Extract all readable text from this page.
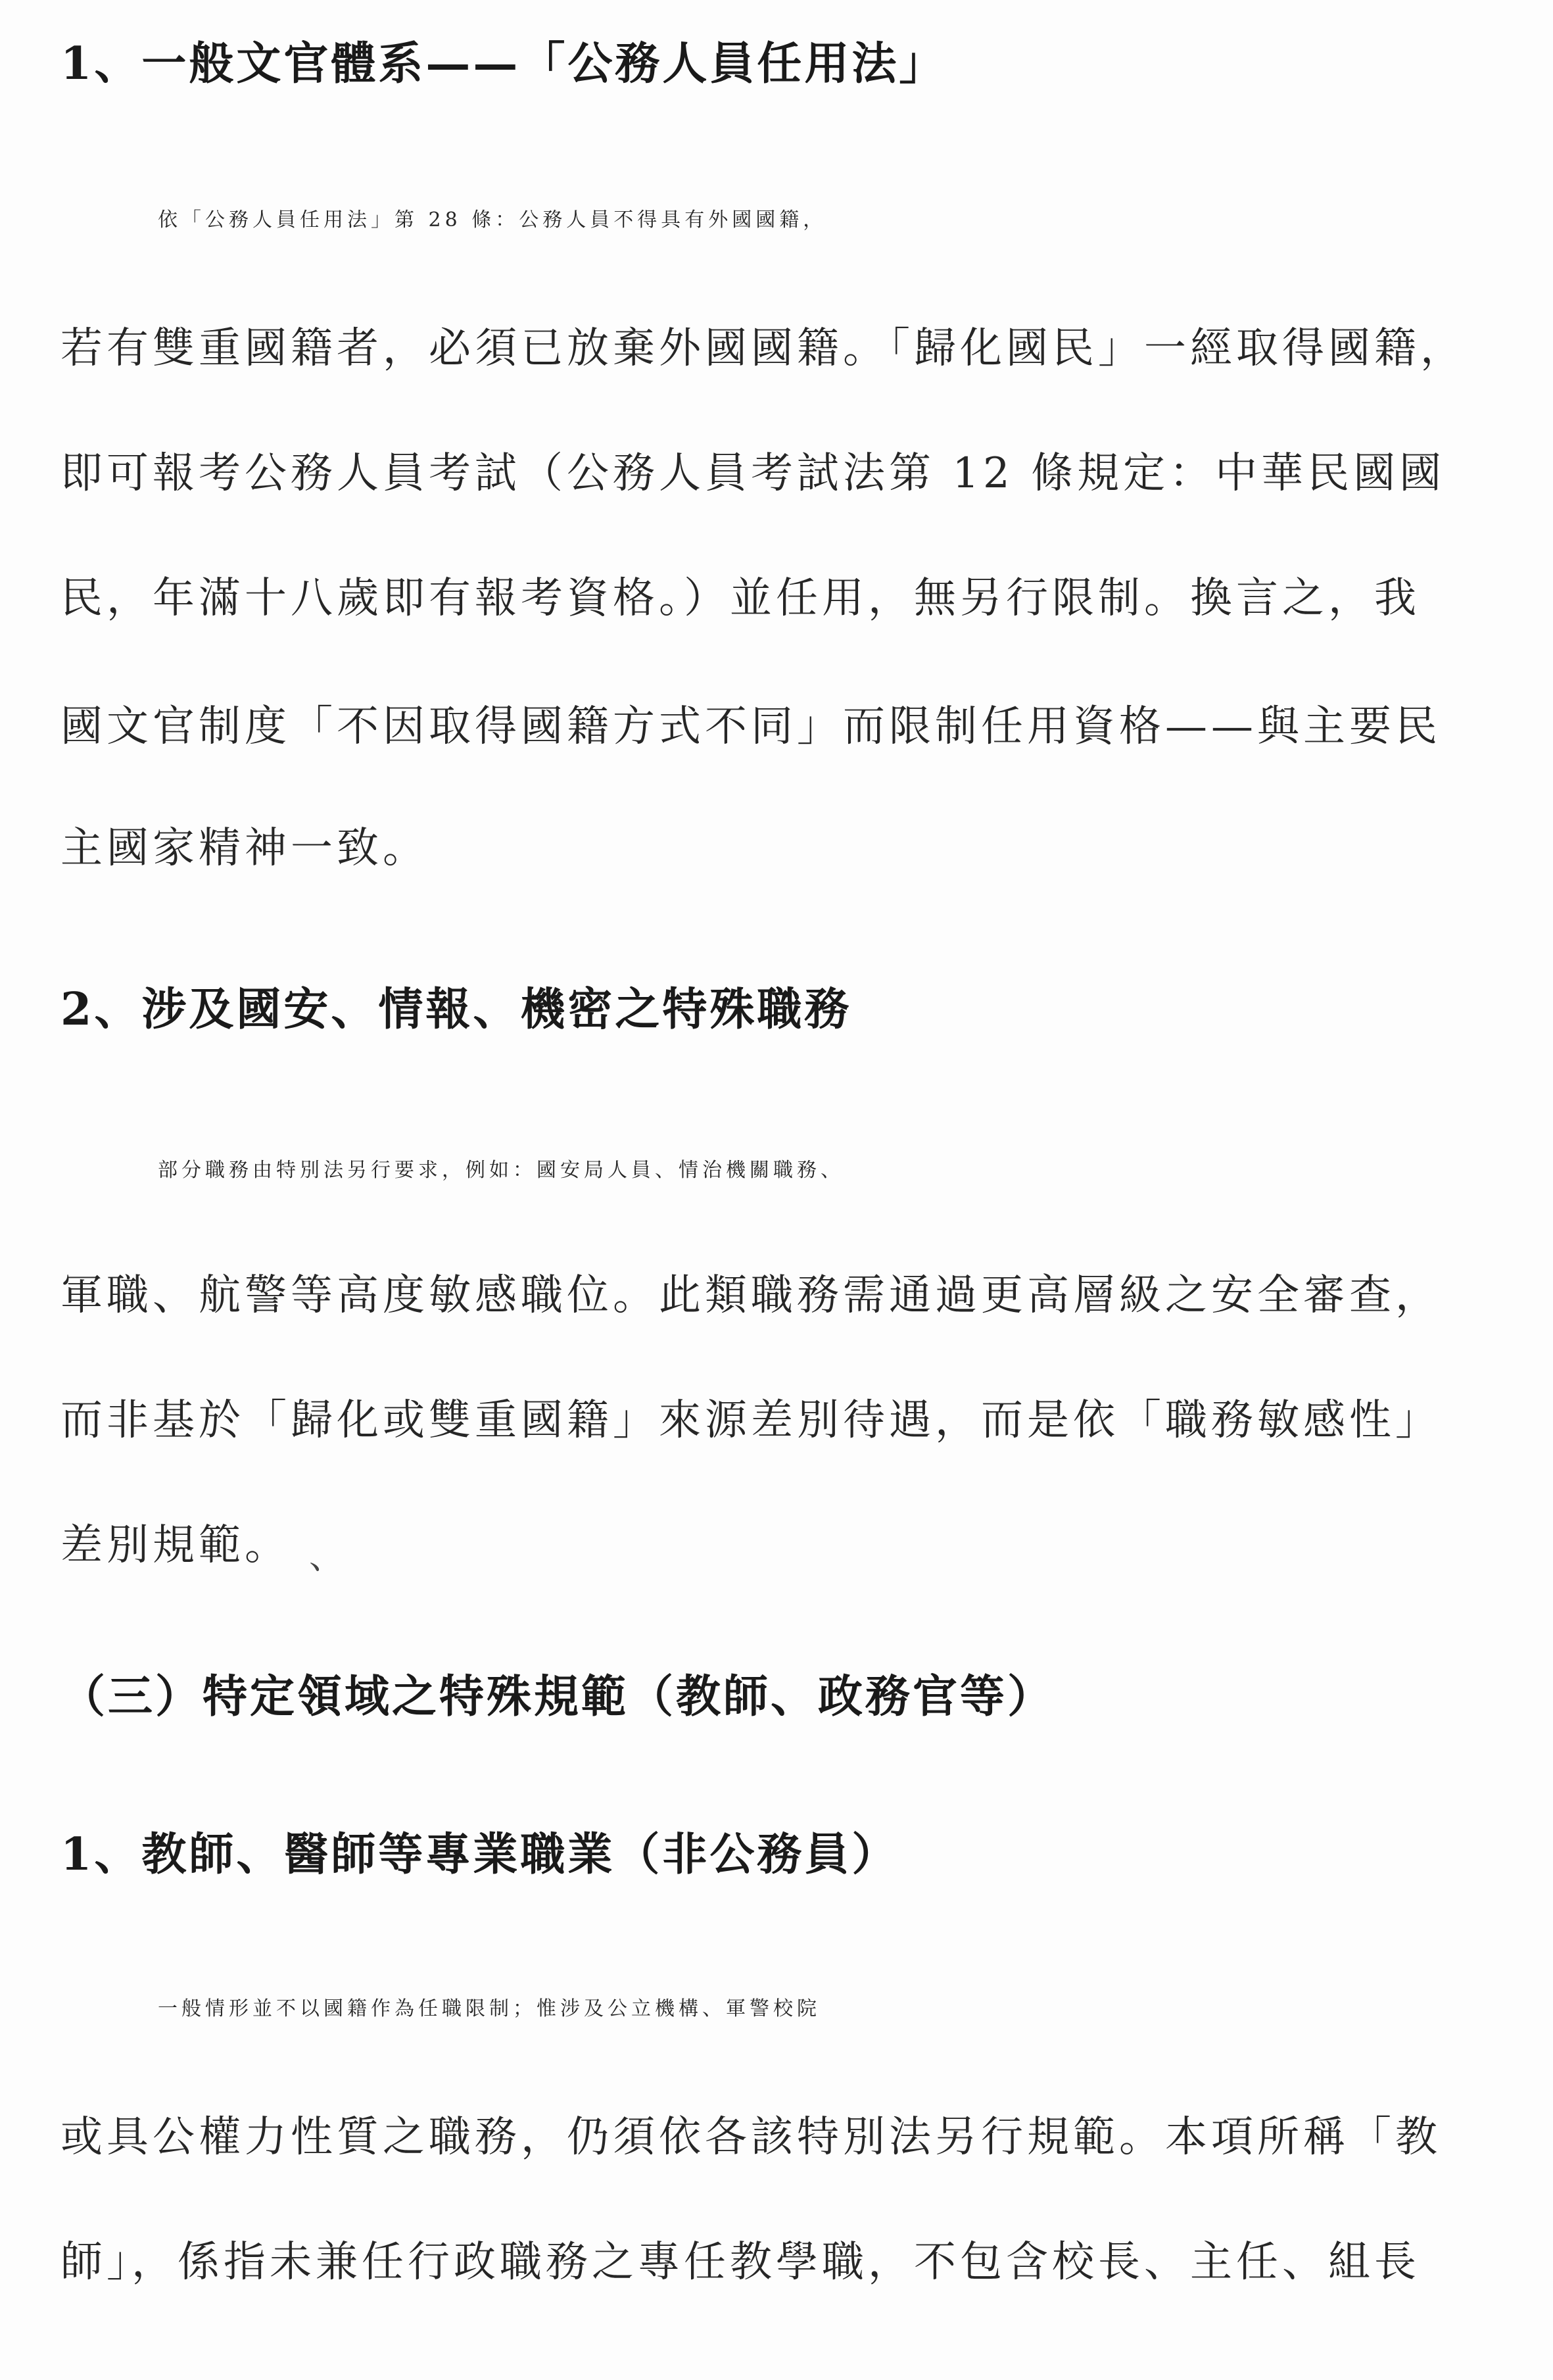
1、一般文官體系——「公務人員任用法」
依「公務人員任用法」第 28 條：公務人員不得具有外國國籍，
若有雙重國籍者，必須已放棄外國國籍。「歸化國民」一經取得國籍，
即可報考公務人員考試（公務人員考試法第 12 條規定：中華民國國
民，年滿十八歲即有報考資格。）並任用，無另行限制。換言之，我
國文官制度「不因取得國籍方式不同」而限制任用資格——與主要民
主國家精神一致。
2、涉及國安、情報、機密之特殊職務
部分職務由特別法另行要求，例如：國安局人員、情治機關職務、
軍職、航警等高度敏感職位。此類職務需通過更高層級之安全審查，
而非基於「歸化或雙重國籍」來源差別待遇，而是依「職務敏感性」
差別規範。 、
（三）特定領域之特殊規範（教師、政務官等）
1、教師、醫師等專業職業（非公務員）
一般情形並不以國籍作為任職限制；惟涉及公立機構、軍警校院
或具公權力性質之職務，仍須依各該特別法另行規範。本項所稱「教
師」，係指未兼任行政職務之專任教學職，不包含校長、主任、組長
